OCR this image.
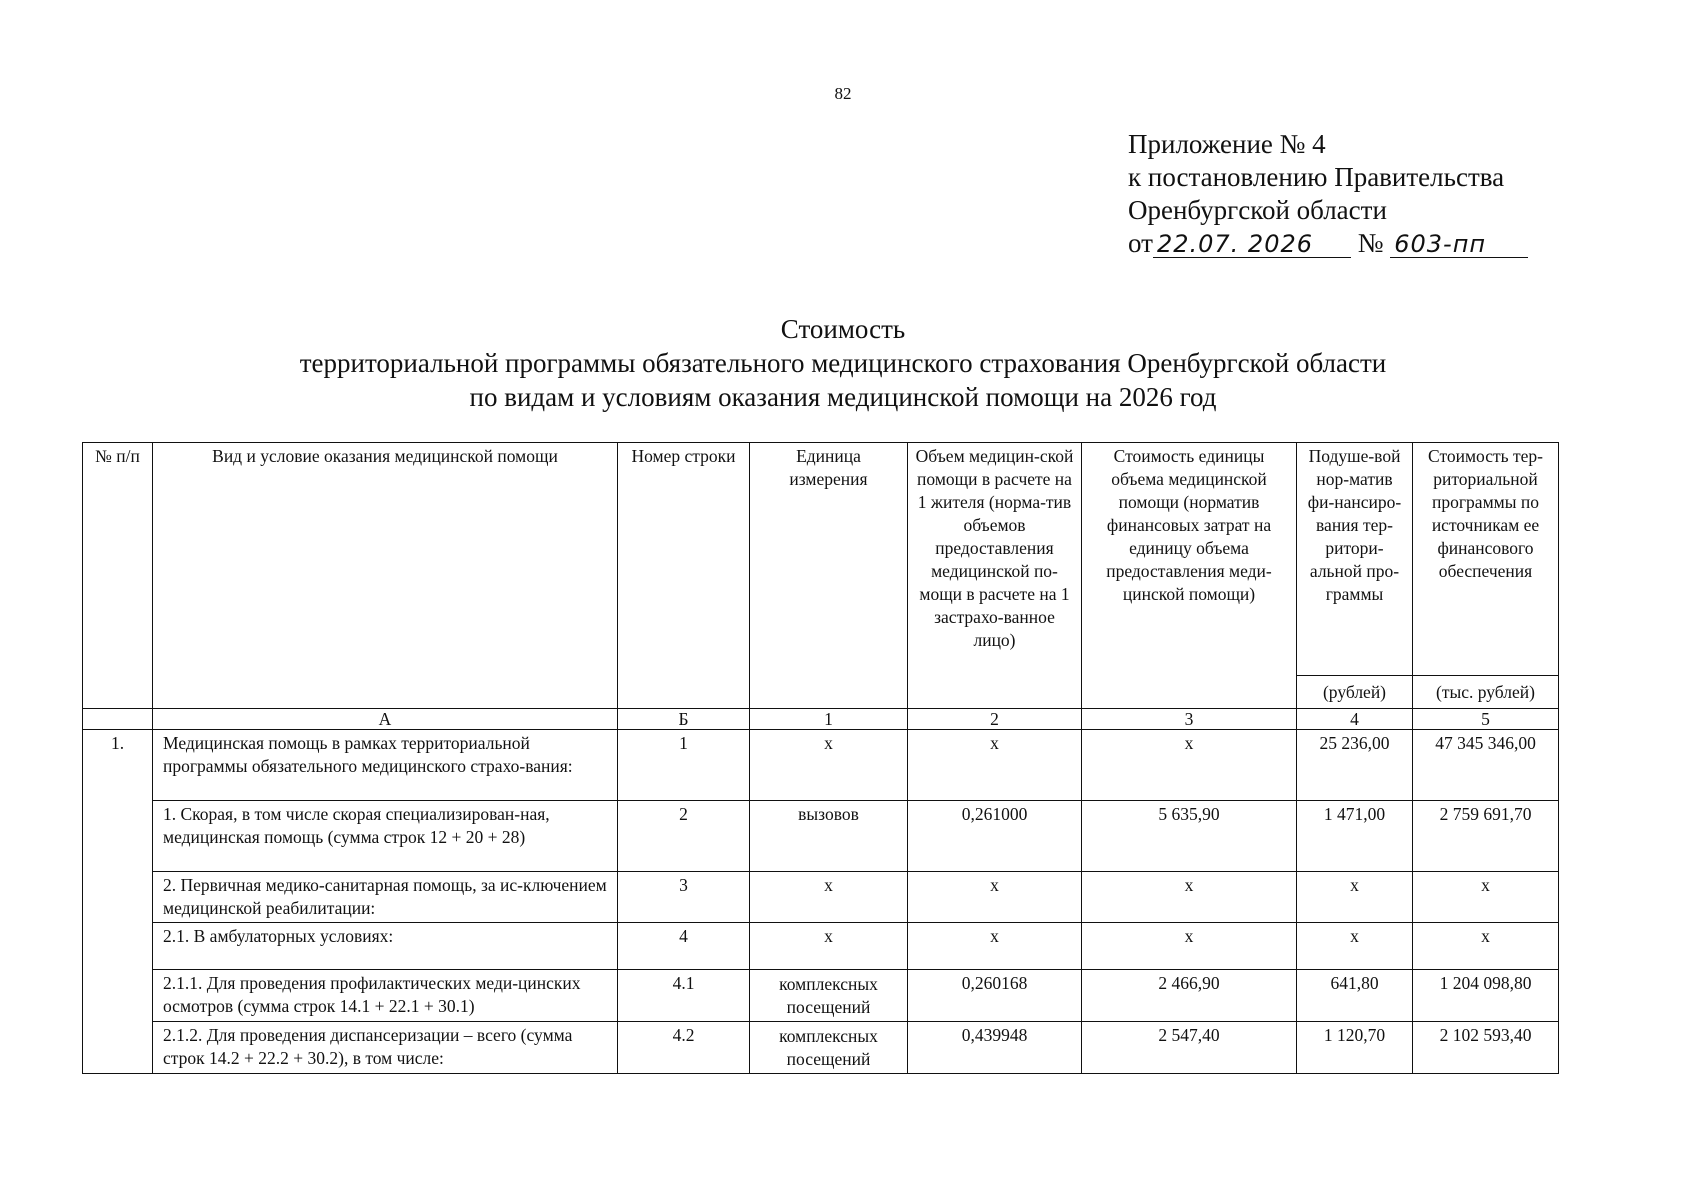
82
Приложение № 4
к постановлению Правительства
Оренбургской области
от 22.07. 2026 № 603-пп
Стоимость
территориальной программы обязательного медицинского страхования Оренбургской области
по видам и условиям оказания медицинской помощи на 2026 год
№ п/п	Вид и условие оказания медицинской помощи	Номер строки	Единица измерения	Объем медицин-ской помощи в расчете на 1 жителя (норма-тив объемов предоставления медицинской по-мощи в расчете на 1 застрахо-ванное лицо)	Стоимость единицы объема медицинской помощи (норматив финансовых затрат на единицу объема предоставления меди-цинской помощи)	Подуше-вой нор-матив фи-нансиро-вания тер-ритори-альной про-граммы	Стоимость тер-риториальной программы по источникам ее финансового обеспечения
						(рублей)	(тыс. рублей)
	А	Б	1	2	3	4	5
1.	Медицинская помощь в рамках территориальной программы обязательного медицинского страхо-вания:	1	х	х	х	25 236,00	47 345 346,00
	1. Скорая, в том числе скорая специализирован-ная, медицинская помощь (сумма строк 12 + 20 + 28)	2	вызовов	0,261000	5 635,90	1 471,00	2 759 691,70
	2. Первичная медико-санитарная помощь, за ис-ключением медицинской реабилитации:	3	х	х	х	х	х
	2.1. В амбулаторных условиях:	4	х	х	х	х	х
	2.1.1. Для проведения профилактических меди-цинских осмотров (сумма строк 14.1 + 22.1 + 30.1)	4.1	комплексных посещений	0,260168	2 466,90	641,80	1 204 098,80
	2.1.2. Для проведения диспансеризации – всего (сумма строк 14.2 + 22.2 + 30.2), в том числе:	4.2	комплексных посещений	0,439948	2 547,40	1 120,70	2 102 593,40
